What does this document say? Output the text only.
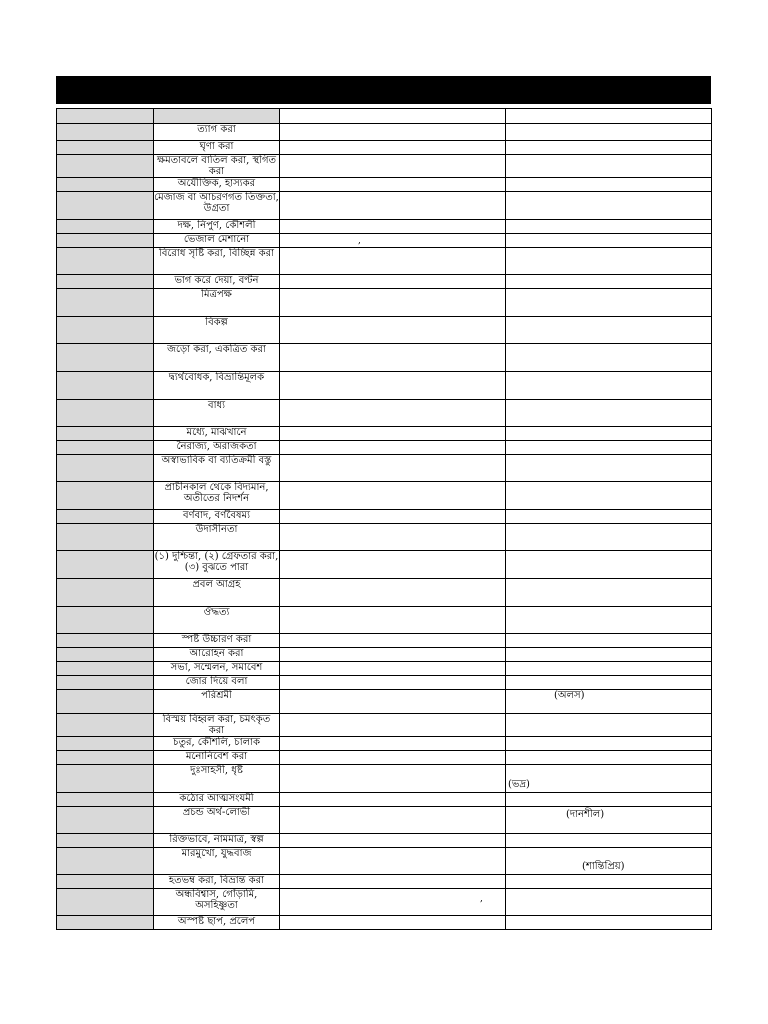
	ত্যাগ করা		
	ঘৃণা করা		
	ক্ষমতাবলে বাতিল করা, স্থগিত করা		
	অযৌক্তিক, হাস্যকর		
	মেজাজ বা আচরণগত তিক্ততা, উগ্রতা		
	দক্ষ, নিপুণ, কৌশলী		
	ভেজাল মেশানো	,	

	বিরোধ সৃষ্টি করা, বিচ্ছিন্ন করা		
	ভাগ করে দেয়া, বণ্টন		
	মিত্রপক্ষ		
	বিকল্প		
	জড়ো করা, একত্রিত করা		
	দ্ব্যর্থবোধক, বিভ্রান্তিমূলক		
	বাধ্য		
	মধ্যে, মাঝখানে		
	নৈরাজ্য, অরাজকতা		
	অস্বাভাবিক বা ব্যতিক্রমী বস্তু		
	প্রাচীনকাল থেকে বিদ্যমান, অতীতের নিদর্শন		
	বর্ণবাদ, বর্ণবৈষম্য		
	উদাসীনতা		
	(১) দুশ্চিন্তা, (২) গ্রেফতার করা, (৩) বুঝতে পারা		
	প্রবল আগ্রহ		
	ঔদ্ধত্য		
	স্পষ্ট উচ্চারণ করা		
	আরোহন করা		
	সভা, সম্মেলন, সমাবেশ		
	জোর দিয়ে বলা		
	পরিশ্রমী		(অলস)

	বিস্ময় বিহ্বল করা, চমৎকৃত করা		
	চতুর, কৌশলি, চালাক		
	মনোনিবেশ করা		
	দুঃসাহসী, ধৃষ্ট		(ভদ্র)

	কঠোর আত্মসংযমী		
	প্রচন্ড অর্থ-লোভী		(দানশীল)

	রিক্তভাবে, নামমাত্র, স্বল্প		
	মারমুখো, যুদ্ধবাজ		(শান্তিপ্রিয়)

	হতভম্ব করা, বিভ্রান্ত করা		
	অন্ধবিশ্বাস, গোঁড়ামি, অসহিষ্ণুতা	,	

	অস্পষ্ট ছাপ, প্রলেপ		
